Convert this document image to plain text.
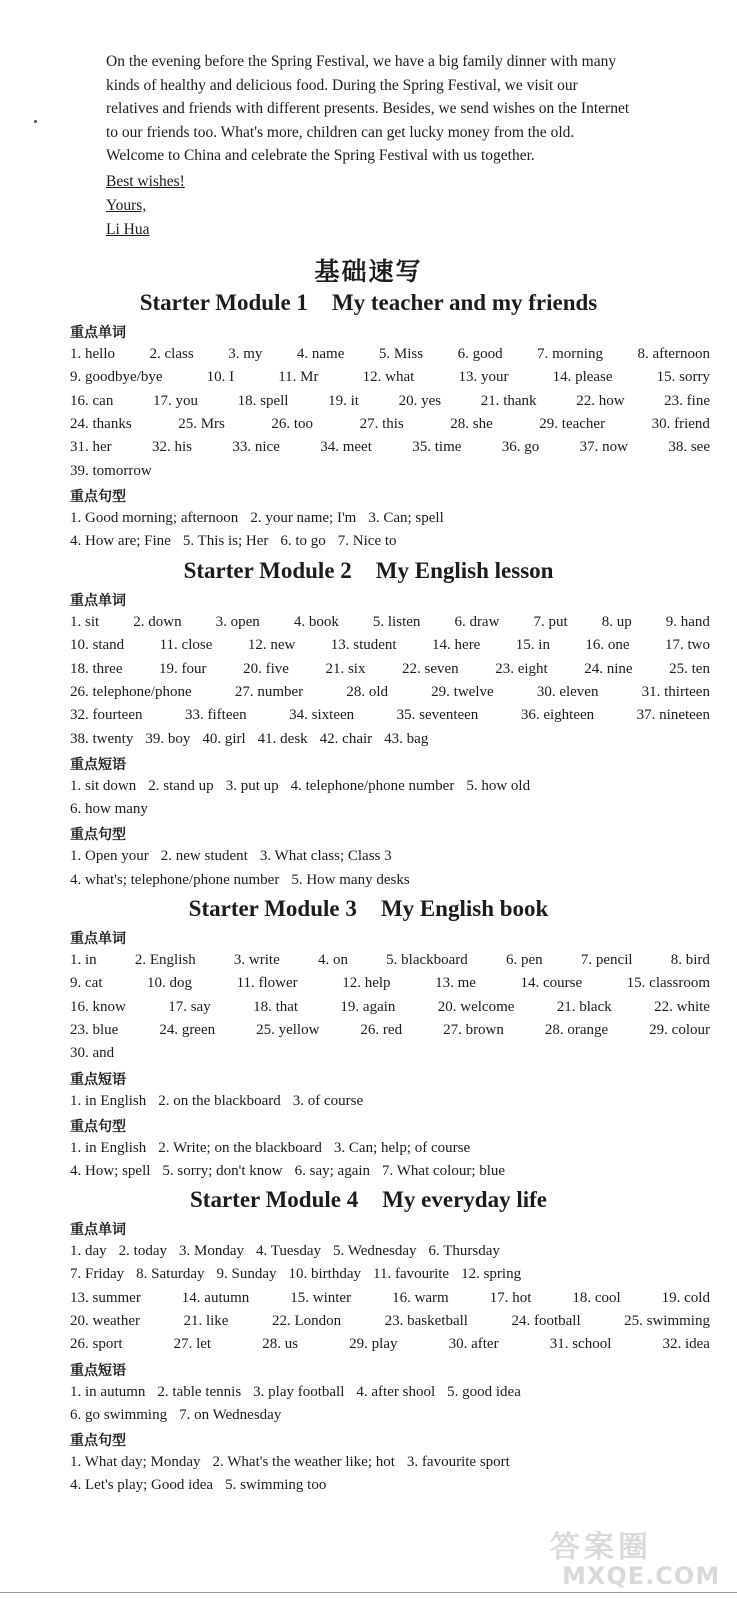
On the evening before the Spring Festival, we have a big family dinner with many

kinds of healthy and delicious food. During the Spring Festival, we visit our

relatives and friends with different presents. Besides, we send wishes on the Internet

to our friends too. What's more, children can get lucky money from the old.

Welcome to China and celebrate the Spring Festival with us together.

Best wishes!
Yours,
Li Hua
基础速写
Starter Module 1 My teacher and my friends
重点单词
1. hello 2. class 3. my 4. name 5. Miss 6. good 7. morning 8. afternoon
9. goodbye/bye	10. I	11. Mr	12. what	13. your	14. please	15. sorry
16. can	17. you	18. spell	19. it	20. yes	21. thank	22. how	23. fine
24. thanks	25. Mrs	26. too	27. this	28. she	29. teacher	30. friend
31. her	32. his	33. nice	34. meet	35. time	36. go	37. now	38. see
39. tomorrow
重点句型
1. Good morning; afternoon 2. your name; I'm 3. Can; spell
4. How are; Fine 5. This is; Her 6. to go 7. Nice to
Starter Module 2 My English lesson
重点单词
1. sit 2. down 3. open 4. book 5. listen 6. draw 7. put 8. up 9. hand
10. stand 11. close 12. new 13. student 14. here 15. in 16. one 17. two
18. three 19. four 20. five 21. six 22. seven 23. eight 24. nine 25. ten
26. telephone/phone	27. number	28. old	29. twelve	30. eleven	31. thirteen
32. fourteen	33. fifteen	34. sixteen	35. seventeen	36. eighteen	37. nineteen
38. twenty 39. boy 40. girl 41. desk 42. chair 43. bag
重点短语
1. sit down 2. stand up 3. put up 4. telephone/phone number 5. how old
6. how many
重点句型
1. Open your 2. new student 3. What class; Class 3
4. what's; telephone/phone number 5. How many desks
Starter Module 3 My English book
重点单词
1. in	2. English	3. write	4. on	5. blackboard	6. pen	7. pencil	8. bird
9. cat	10. dog	11. flower	12. help	13. me	14. course	15. classroom
16. know	17. say	18. that	19. again	20. welcome	21. black	22. white
23. blue	24. green	25. yellow	26. red	27. brown	28. orange	29. colour
30. and
重点短语
1. in English 2. on the blackboard 3. of course
重点句型
1. in English 2. Write; on the blackboard 3. Can; help; of course
4. How; spell 5. sorry; don't know 6. say; again 7. What colour; blue
Starter Module 4 My everyday life
重点单词
1. day 2. today 3. Monday 4. Tuesday 5. Wednesday 6. Thursday
7. Friday 8. Saturday 9. Sunday 10. birthday 11. favourite 12. spring
13. summer	14. autumn	15. winter	16. warm	17. hot	18. cool	19. cold
20. weather	21. like	22. London	23. basketball	24. football	25. swimming
26. sport	27. let	28. us	29. play	30. after	31. school	32. idea
重点短语
1. in autumn 2. table tennis 3. play football 4. after shool 5. good idea
6. go swimming 7. on Wednesday
重点句型
1. What day; Monday 2. What's the weather like; hot 3. favourite sport
4. Let's play; Good idea 5. swimming too
答案圈
MXQE.COM
